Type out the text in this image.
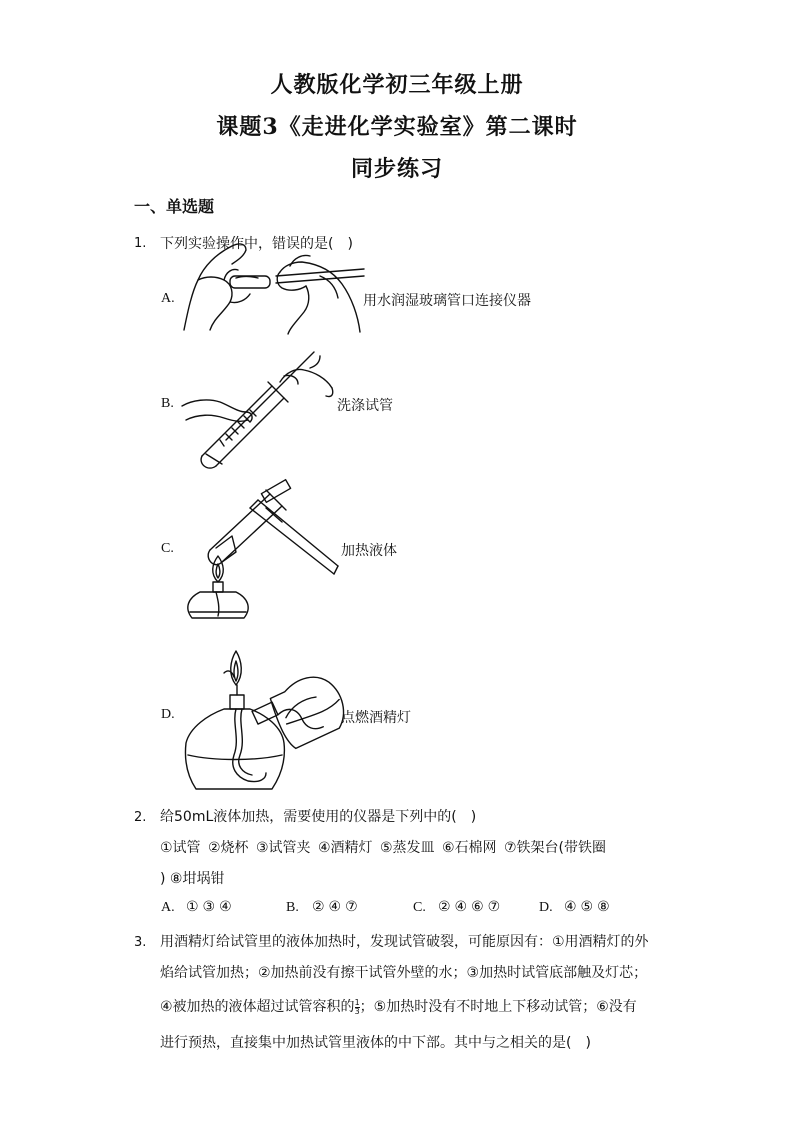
人教版化学初三年级上册
课题3《走进化学实验室》第二课时
同步练习
一、单选题
1. 下列实验操作中，错误的是(　)
A.	用水润湿玻璃管口连接仪器
B.	洗涤试管
C.	加热液体
D.	点燃酒精灯
2. 给50mL液体加热，需要使用的仪器是下列中的(　)
①试管 ②烧杯 ③试管夹 ④酒精灯 ⑤蒸发皿 ⑥石棉网 ⑦铁架台(带铁圈
) ⑧坩埚钳
A. ①③④	B. ②④⑦	C. ②④⑥⑦ D. ④⑤⑧
3. 用酒精灯给试管里的液体加热时，发现试管破裂，可能原因有：①用酒精灯的外
焰给试管加热；②加热前没有擦干试管外壁的水；③加热时试管底部触及灯芯；
④被加热的液体超过试管容积的 $\frac{1}{3}$ ；⑤加热时没有不时地上下移动试管；⑥没有
进行预热，直接集中加热试管里液体的中下部。其中与之相关的是(　)
